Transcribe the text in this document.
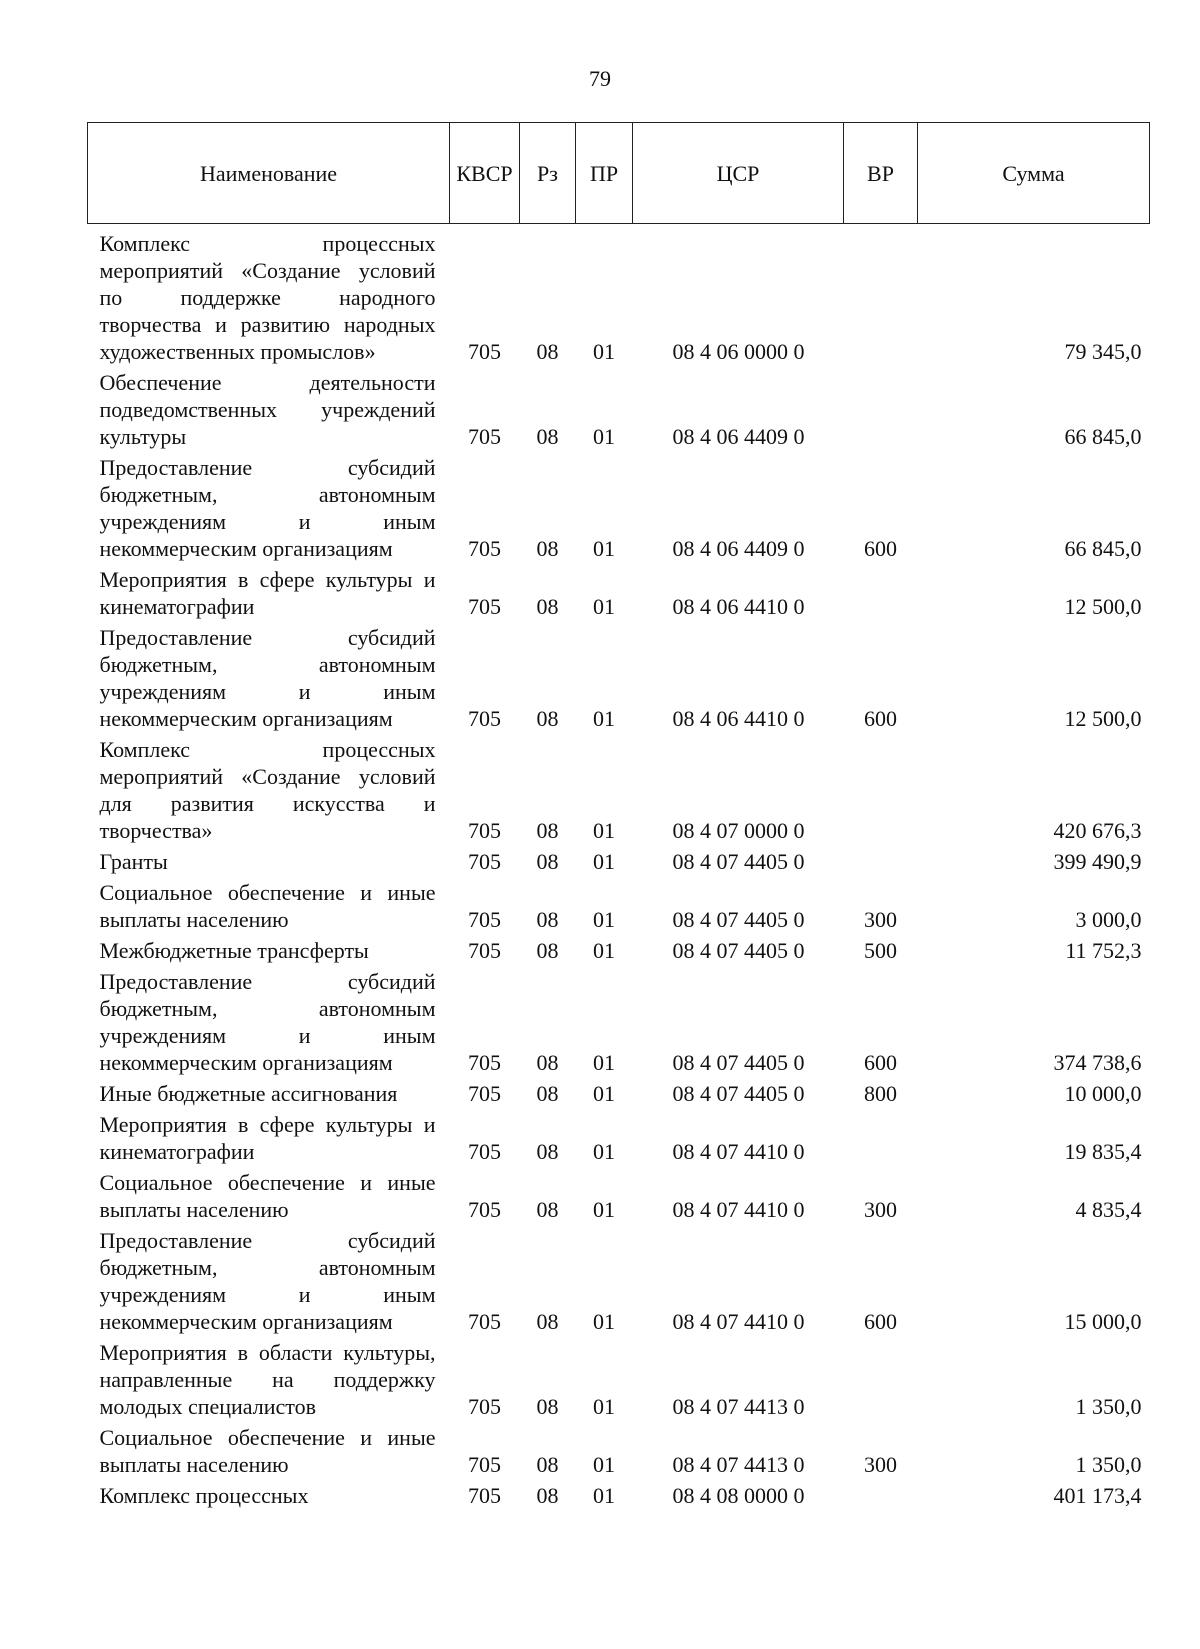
79
Наименование	КВСР	Рз	ПР	ЦСР	ВР	Сумма
Комплекс процессных мероприятий «Создание условий по поддержке народного творчества и развитию народных художественных промыслов»	705	08	01	08 4 06 0000 0		79 345,0
Обеспечение деятельности подведомственных учреждений культуры	705	08	01	08 4 06 4409 0		66 845,0
Предоставление субсидий бюджетным, автономным учреждениям и иным некоммерческим организациям	705	08	01	08 4 06 4409 0	600	66 845,0
Мероприятия в сфере культуры и кинематографии	705	08	01	08 4 06 4410 0		12 500,0
Предоставление субсидий бюджетным, автономным учреждениям и иным некоммерческим организациям	705	08	01	08 4 06 4410 0	600	12 500,0
Комплекс процессных мероприятий «Создание условий для развития искусства и творчества»	705	08	01	08 4 07 0000 0		420 676,3
Гранты	705	08	01	08 4 07 4405 0		399 490,9
Социальное обеспечение и иные выплаты населению	705	08	01	08 4 07 4405 0	300	3 000,0
Межбюджетные трансферты	705	08	01	08 4 07 4405 0	500	11 752,3
Предоставление субсидий бюджетным, автономным учреждениям и иным некоммерческим организациям	705	08	01	08 4 07 4405 0	600	374 738,6
Иные бюджетные ассигнования	705	08	01	08 4 07 4405 0	800	10 000,0
Мероприятия в сфере культуры и кинематографии	705	08	01	08 4 07 4410 0		19 835,4
Социальное обеспечение и иные выплаты населению	705	08	01	08 4 07 4410 0	300	4 835,4
Предоставление субсидий бюджетным, автономным учреждениям и иным некоммерческим организациям	705	08	01	08 4 07 4410 0	600	15 000,0
Мероприятия в области культуры, направленные на поддержку молодых специалистов	705	08	01	08 4 07 4413 0		1 350,0
Социальное обеспечение и иные выплаты населению	705	08	01	08 4 07 4413 0	300	1 350,0
Комплекс процессных	705	08	01	08 4 08 0000 0		401 173,4
